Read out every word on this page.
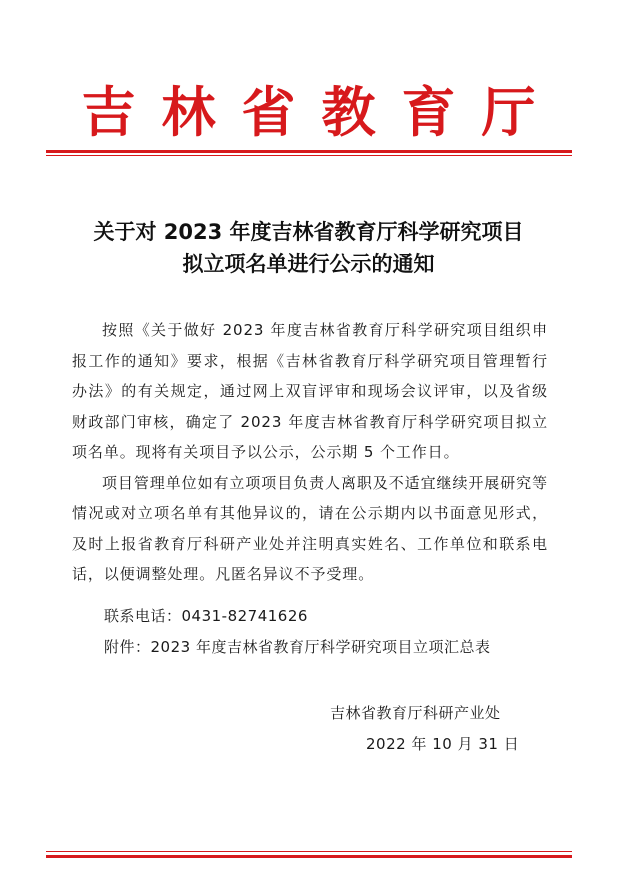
吉林省教育厅
关于对 2023 年度吉林省教育厅科学研究项目
拟立项名单进行公示的通知

按照《关于做好 2023 年度吉林省教育厅科学研究项目组织申报工作的通知》要求，根据《吉林省教育厅科学研究项目管理暂行办法》的有关规定，通过网上双盲评审和现场会议评审，以及省级财政部门审核，确定了 2023 年度吉林省教育厅科学研究项目拟立项名单。现将有关项目予以公示，公示期 5 个工作日。

项目管理单位如有立项项目负责人离职及不适宜继续开展研究等情况或对立项名单有其他异议的，请在公示期内以书面意见形式，及时上报省教育厅科研产业处并注明真实姓名、工作单位和联系电话，以便调整处理。凡匿名异议不予受理。

联系电话：0431-82741626
附件：2023 年度吉林省教育厅科学研究项目立项汇总表
吉林省教育厅科研产业处
2022 年 10 月 31 日
